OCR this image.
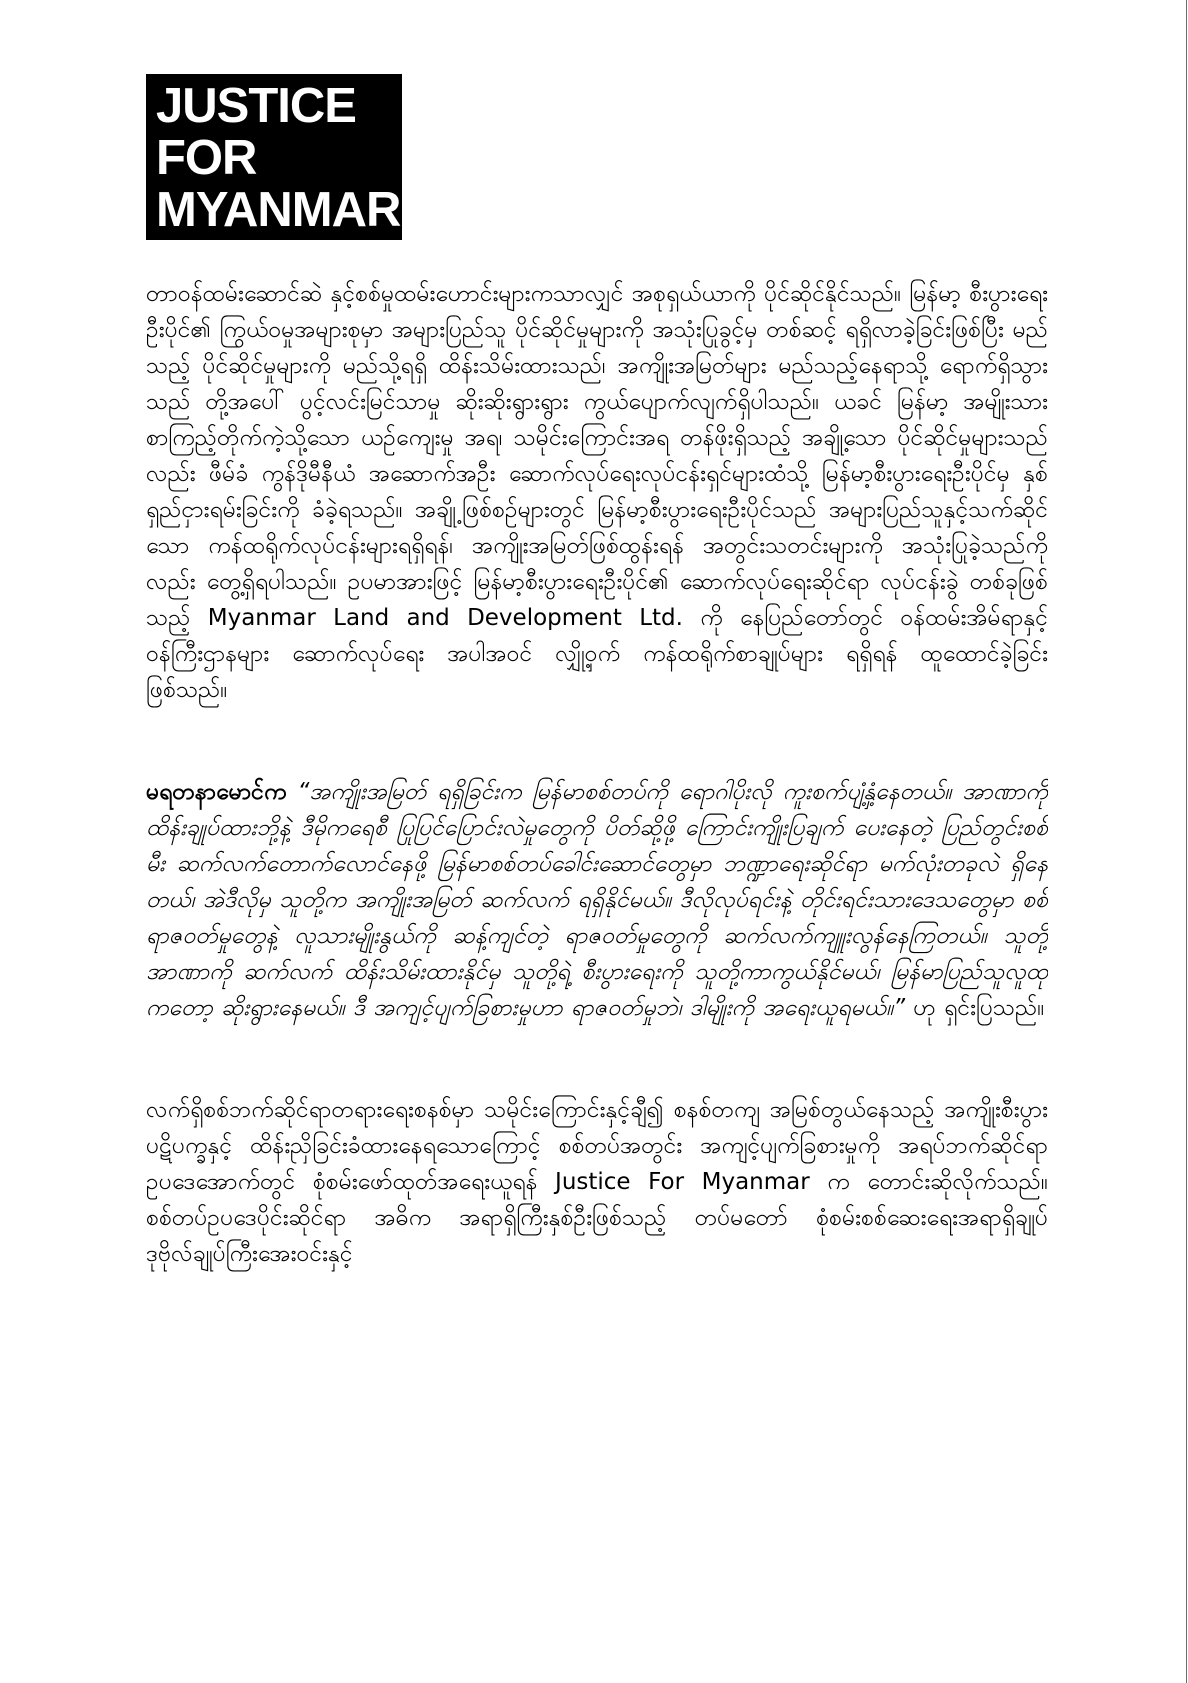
JUSTICE
FOR
MYANMAR

တာဝန်ထမ်းဆောင်ဆဲ နှင့်စစ်မှုထမ်းဟောင်းများကသာလျှင် အစုရှယ်ယာကို ပိုင်ဆိုင်နိုင်သည်။ မြန်မာ့ စီးပွားရေးဦးပိုင်၏ ကြွယ်ဝမှုအများစုမှာ အများပြည်သူ ပိုင်ဆိုင်မှုများကို အသုံးပြုခွင့်မှ တစ်ဆင့် ရရှိလာခဲ့ခြင်းဖြစ်ပြီး မည်သည့် ပိုင်ဆိုင်မှုများကို မည်သို့ရရှိ ထိန်းသိမ်းထားသည်၊ အကျိုးအမြတ်များ မည်သည့်နေရာသို့ ရောက်ရှိသွားသည် တို့အပေါ် ပွင့်လင်းမြင်သာမှု ဆိုးဆိုးရွားရွား ကွယ်ပျောက်လျက်ရှိပါသည်။ ယခင် မြန်မာ့ အမျိုးသားစာကြည့်တိုက်ကဲ့သို့သော ယဉ်ကျေးမှု အရ၊ သမိုင်းကြောင်းအရ တန်ဖိုးရှိသည့် အချို့သော ပိုင်ဆိုင်မှုများသည်လည်း ဖီမ်ခံ ကွန်ဒိုမီနီယံ အဆောက်အဦး ဆောက်လုပ်ရေးလုပ်ငန်းရှင်များထံသို့ မြန်မာ့စီးပွားရေးဦးပိုင်မှ နှစ်ရှည်ငှားရမ်းခြင်းကို ခံခဲ့ရသည်။ အချို့ဖြစ်စဉ်များတွင် မြန်မာ့စီးပွားရေးဦးပိုင်သည် အများပြည်သူနှင့်သက်ဆိုင်သော ကန်ထရိုက်လုပ်ငန်းများရရှိရန်၊ အကျိုးအမြတ်ဖြစ်ထွန်းရန် အတွင်းသတင်းများကို အသုံးပြုခဲ့သည်ကိုလည်း တွေ့ရှိရပါသည်။ ဥပမာအားဖြင့် မြန်မာ့စီးပွားရေးဦးပိုင်၏ ဆောက်လုပ်ရေးဆိုင်ရာ လုပ်ငန်းခွဲ တစ်ခုဖြစ်သည့် Myanmar Land and Development Ltd. ကို နေပြည်တော်တွင် ဝန်ထမ်းအိမ်ရာနှင့် ဝန်ကြီးဌာနများ ဆောက်လုပ်ရေး အပါအဝင် လျှို့ဝှက် ကန်ထရိုက်စာချုပ်များ ရရှိရန် ထူထောင်ခဲ့ခြင်း ဖြစ်သည်။

မရတနာမောင်က “အကျိုးအမြတ် ရရှိခြင်းက မြန်မာစစ်တပ်ကို ရောဂါပိုးလို ကူးစက်ပျံ့နှံ့နေတယ်။ အာဏာကို ထိန်းချုပ်ထားဘို့နဲ့ ဒီမိုကရေစီ ပြုပြင်ပြောင်းလဲမှုတွေကို ပိတ်ဆို့ဖို့ ကြောင်းကျိုးပြချက် ပေးနေတဲ့ ပြည်တွင်းစစ်မီး ဆက်လက်တောက်လောင်နေဖို့ မြန်မာစစ်တပ်ခေါင်းဆောင်တွေမှာ ဘဏ္ဍာရေးဆိုင်ရာ မက်လုံးတခုလဲ ရှိနေတယ်၊ အဲဒီလိုမှ သူတို့က အကျိုးအမြတ် ဆက်လက် ရရှိနိုင်မယ်။ ဒီလိုလုပ်ရင်းနဲ့ တိုင်းရင်းသားဒေသတွေမှာ စစ်ရာဇဝတ်မှုတွေနဲ့ လူသားမျိုးနွယ်ကို ဆန့်ကျင်တဲ့ ရာဇဝတ်မှုတွေကို ဆက်လက်ကျူးလွန်နေကြတယ်။ သူတို့အာဏာကို ဆက်လက် ထိန်းသိမ်းထားနိုင်မှ သူတို့ရဲ့ စီးပွားရေးကို သူတို့ကာကွယ်နိုင်မယ်၊ မြန်မာပြည်သူလူထုကတော့ ဆိုးရွားနေမယ်။ ဒီ အကျင့်ပျက်ခြစားမှုဟာ ရာဇဝတ်မှုဘဲ၊ ဒါမျိုးကို အရေးယူရမယ်။” ဟု ရှင်းပြသည်။

လက်ရှိစစ်ဘက်ဆိုင်ရာတရားရေးစနစ်မှာ သမိုင်းကြောင်းနှင့်ချီ၍ စနစ်တကျ အမြစ်တွယ်နေသည့် အကျိုးစီးပွားပဋိပက္ခနှင့် ထိန်းညှိခြင်းခံထားနေရသောကြောင့် စစ်တပ်အတွင်း အကျင့်ပျက်ခြစားမှုကို အရပ်ဘက်ဆိုင်ရာ ဥပဒေအောက်တွင် စုံစမ်းဖော်ထုတ်အရေးယူရန် Justice For Myanmar က တောင်းဆိုလိုက်သည်။ စစ်တပ်ဥပဒေပိုင်းဆိုင်ရာ အဓိက အရာရှိကြီးနှစ်ဦးဖြစ်သည့် တပ်မတော် စုံစမ်းစစ်ဆေးရေးအရာရှိချုပ် ဒုဗိုလ်ချုပ်ကြီးအေးဝင်းနှင့်
